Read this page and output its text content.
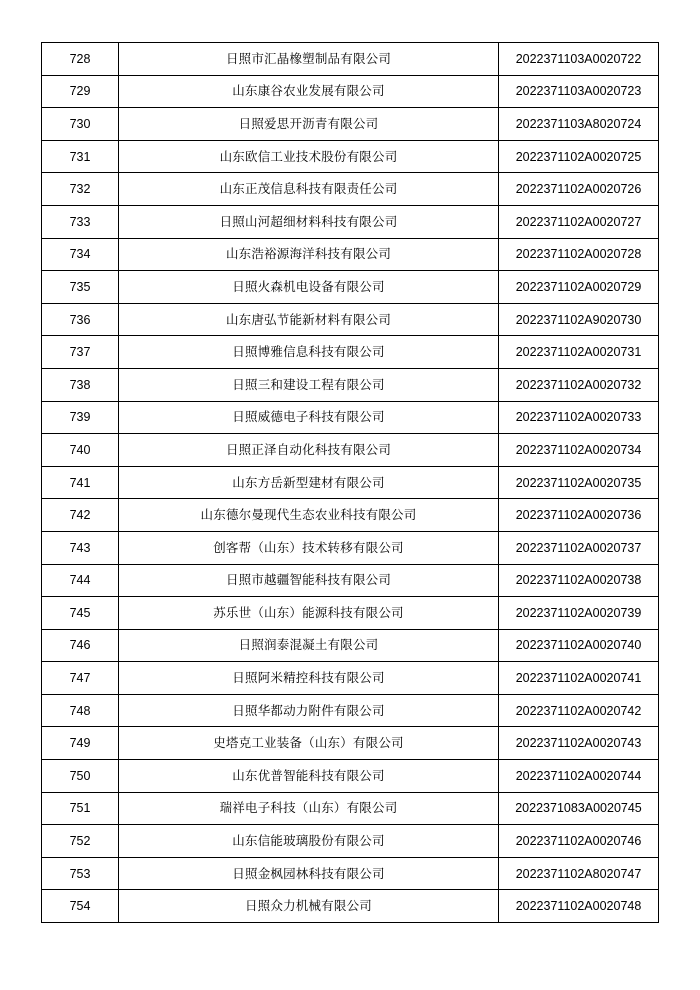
728	日照市汇晶橡塑制品有限公司	2022371103A0020722
729	山东康谷农业发展有限公司	2022371103A0020723
730	日照爱思开沥青有限公司	2022371103A8020724
731	山东欧信工业技术股份有限公司	2022371102A0020725
732	山东正茂信息科技有限责任公司	2022371102A0020726
733	日照山河超细材料科技有限公司	2022371102A0020727
734	山东浩裕源海洋科技有限公司	2022371102A0020728
735	日照火森机电设备有限公司	2022371102A0020729
736	山东唐弘节能新材料有限公司	2022371102A9020730
737	日照博雅信息科技有限公司	2022371102A0020731
738	日照三和建设工程有限公司	2022371102A0020732
739	日照威德电子科技有限公司	2022371102A0020733
740	日照正泽自动化科技有限公司	2022371102A0020734
741	山东方岳新型建材有限公司	2022371102A0020735
742	山东德尔曼现代生态农业科技有限公司	2022371102A0020736
743	创客帮（山东）技术转移有限公司	2022371102A0020737
744	日照市越疆智能科技有限公司	2022371102A0020738
745	苏乐世（山东）能源科技有限公司	2022371102A0020739
746	日照润泰混凝土有限公司	2022371102A0020740
747	日照阿米精控科技有限公司	2022371102A0020741
748	日照华都动力附件有限公司	2022371102A0020742
749	史塔克工业装备（山东）有限公司	2022371102A0020743
750	山东优普智能科技有限公司	2022371102A0020744
751	瑞祥电子科技（山东）有限公司	2022371083A0020745
752	山东信能玻璃股份有限公司	2022371102A0020746
753	日照金枫园林科技有限公司	2022371102A8020747
754	日照众力机械有限公司	2022371102A0020748
